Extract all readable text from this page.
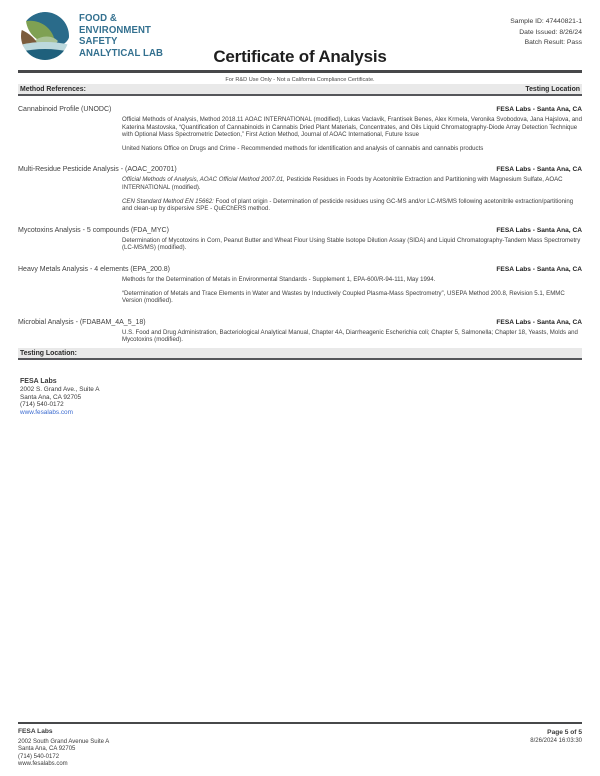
FOOD &
ENVIRONMENT
SAFETY
ANALYTICAL LAB
Sample ID: 47440821-1
Date Issued: 8/26/24
Batch Result: Pass
Certificate of Analysis
For R&D Use Only - Not a California Compliance Certificate.
Method References:	Testing Location
Cannabinoid Profile (UNODC)	FESA Labs - Santa Ana, CA

Official Methods of Analysis, Method 2018.11 AOAC INTERNATIONAL (modified), Lukas Vaclavik, Frantisek Benes, Alex Krmela, Veronika Svobodova, Jana Hajslova, and Katerina Mastovska, “Quantification of Cannabinoids in Cannabis Dried Plant Materials, Concentrates, and Oils Liquid Chromatography-Diode Array Detection Technique with Optional Mass Spectrometric Detection,” First Action Method, Journal of AOAC International, Future Issue

United Nations Office on Drugs and Crime - Recommended methods for identification and analysis of cannabis and cannabis products

Multi-Residue Pesticide Analysis - (AOAC_200701)	FESA Labs - Santa Ana, CA

Official Methods of Analysis, AOAC Official Method 2007.01, Pesticide Residues in Foods by Acetonitrile Extraction and Partitioning with Magnesium Sulfate, AOAC INTERNATIONAL (modified).

CEN Standard Method EN 15662: Food of plant origin - Determination of pesticide residues using GC-MS and/or LC-MS/MS following acetonitrile extraction/partitioning and clean-up by dispersive SPE - QuEChERS method.

Mycotoxins Analysis - 5 compounds (FDA_MYC)	FESA Labs - Santa Ana, CA

Determination of Mycotoxins in Corn, Peanut Butter and Wheat Flour Using Stable Isotope Dilution Assay (SIDA) and Liquid Chromatography-Tandem Mass Spectrometry (LC-MS/MS) (modified).

Heavy Metals Analysis - 4 elements (EPA_200.8)	FESA Labs - Santa Ana, CA

Methods for the Determination of Metals in Environmental Standards - Supplement 1, EPA-600/R-94-111, May 1994.

“Determination of Metals and Trace Elements in Water and Wastes by Inductively Coupled Plasma-Mass Spectrometry”, USEPA Method 200.8, Revision 5.1, EMMC Version (modified).

Microbial Analysis - (FDABAM_4A_5_18)	FESA Labs - Santa Ana, CA

U.S. Food and Drug Administration, Bacteriological Analytical Manual, Chapter 4A, Diarrheagenic Escherichia coli; Chapter 5, Salmonella; Chapter 18, Yeasts, Molds and Mycotoxins (modified).

Testing Location:
FESA Labs
2002 S. Grand Ave., Suite A
Santa Ana, CA 92705
(714) 540-0172
www.fesalabs.com
FESA Labs
2002 South Grand Avenue Suite A
Santa Ana, CA 92705
(714) 540-0172
www.fesalabs.com
Page 5 of 5
8/26/2024 16:03:30
